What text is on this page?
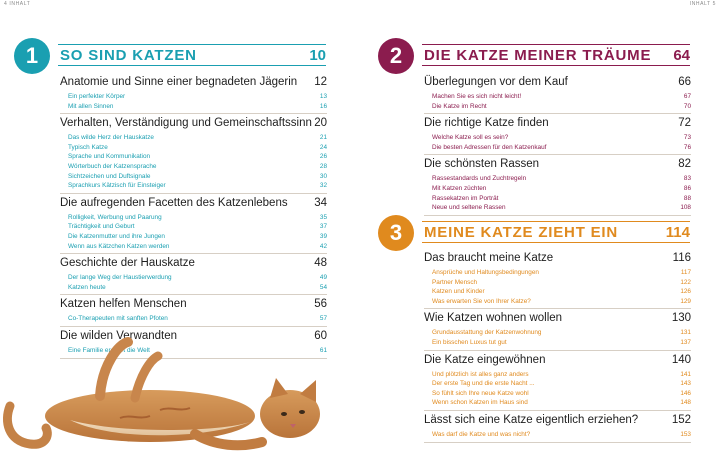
4 INHALT
1	SO SIND KATZEN	10
Anatomie und Sinne einer begnadeten Jägerin 12
Ein perfekter Körper	13
Mit allen Sinnen	16
Verhalten, Verständigung und Gemeinschaftssinn 20
Das wilde Herz der Hauskatze	21
Typisch Katze	24
Sprache und Kommunikation	26
Wörterbuch der Katzensprache	28
Sichtzeichen und Duftsignale	30
Sprachkurs Kätzisch für Einsteiger	32
Die aufregenden Facetten des Katzenlebens 34
Rolligkeit, Werbung und Paarung	35
Trächtigkeit und Geburt	37
Die Katzenmutter und ihre Jungen	39
Wenn aus Kätzchen Katzen werden	42
Geschichte der Hauskatze	48
Der lange Weg der Haustierwerdung	49
Katzen heute	54
Katzen helfen Menschen	56
Co-Therapeuten mit sanften Pfoten	57
Die wilden Verwandten	60
Eine Familie erobert die Welt	61
INHALT 5
2	DIE KATZE MEINER TRÄUME 64
Überlegungen vor dem Kauf	66
Machen Sie es sich nicht leicht!	67
Die Katze im Recht	70
Die richtige Katze finden	72
Welche Katze soll es sein?	73
Die besten Adressen für den Katzenkauf	76
Die schönsten Rassen	82
Rassestandards und Zuchtregeln	83
Mit Katzen züchten	86
Rassekatzen im Porträt	88
Neue und seltene Rassen	108
3	MEINE KATZE ZIEHT EIN	114
Das braucht meine Katze	116
Ansprüche und Haltungsbedingungen	117
Partner Mensch	122
Katzen und Kinder	126
Was erwarten Sie von Ihrer Katze?	129
Wie Katzen wohnen wollen	130
Grundausstattung der Katzenwohnung	131
Ein bisschen Luxus tut gut	137
Die Katze eingewöhnen	140
Und plötzlich ist alles ganz anders	141
Der erste Tag und die erste Nacht ...	143
So fühlt sich Ihre neue Katze wohl	146
Wenn schon Katzen im Haus sind	148
Lässt sich eine Katze eigentlich erziehen?	152
Was darf die Katze und was nicht?	153
